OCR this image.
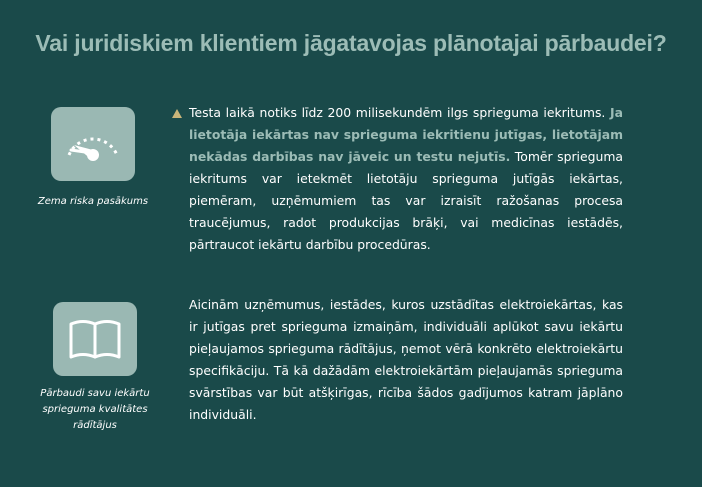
Vai juridiskiem klientiem jāgatavojas plānotajai pārbaudei?
Zema riska pasākums
Testa laikā notiks līdz 200 milisekundēm ilgs sprieguma iekritums. Ja lietotāja iekārtas nav sprieguma iekritienu jutīgas, lietotājam nekādas darbības nav jāveic un testu nejutīs. Tomēr sprieguma iekritums var ietekmēt lietotāju sprieguma jutīgās iekārtas, piemēram, uzņēmumiem tas var izraisīt ražošanas procesa traucējumus, radot produkcijas brāķi, vai medicīnas iestādēs, pārtraucot iekārtu darbību procedūras.
Pārbaudi savu iekārtu sprieguma kvalitātes rādītājus
Aicinām uzņēmumus, iestādes, kuros uzstādītas elektroiekārtas, kas ir jutīgas pret sprieguma izmaiņām, individuāli aplūkot savu iekārtu pieļaujamos sprieguma rādītājus, ņemot vērā konkrēto elektroiekārtu specifikāciju. Tā kā dažādām elektroiekārtām pieļaujamās sprieguma svārstības var būt atšķirīgas, rīcība šādos gadījumos katram jāplāno individuāli.
